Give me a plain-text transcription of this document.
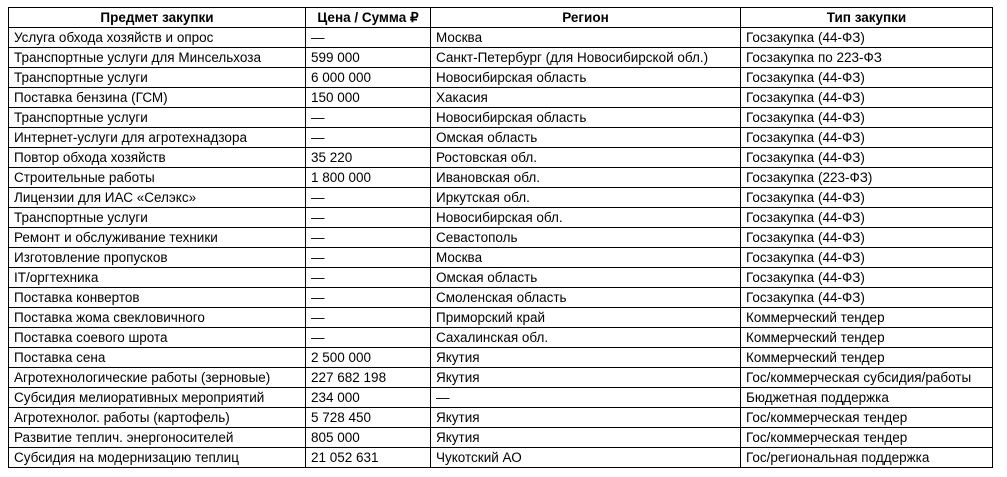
Предмет закупки	Цена / Сумма ₽	Регион	Тип закупки
Услуга обхода хозяйств и опрос	—	Москва	Госзакупка (44-ФЗ)
Транспортные услуги для Минсельхоза	599 000	Санкт-Петербург (для Новосибирской обл.)	Госзакупка по 223-ФЗ
Транспортные услуги	6 000 000	Новосибирская область	Госзакупка (44-ФЗ)
Поставка бензина (ГСМ)	150 000	Хакасия	Госзакупка (44-ФЗ)
Транспортные услуги	—	Новосибирская область	Госзакупка (44-ФЗ)
Интернет-услуги для агротехнадзора	—	Омская область	Госзакупка (44-ФЗ)
Повтор обхода хозяйств	35 220	Ростовская обл.	Госзакупка (44-ФЗ)
Строительные работы	1 800 000	Ивановская обл.	Госзакупка (223-ФЗ)
Лицензии для ИАС «Селэкс»	—	Иркутская обл.	Госзакупка (44-ФЗ)
Транспортные услуги	—	Новосибирская обл.	Госзакупка (44-ФЗ)
Ремонт и обслуживание техники	—	Севастополь	Госзакупка (44-ФЗ)
Изготовление пропусков	—	Москва	Госзакупка (44-ФЗ)
IT/оргтехника	—	Омская область	Госзакупка (44-ФЗ)
Поставка конвертов	—	Смоленская область	Госзакупка (44-ФЗ)
Поставка жома свекловичного	—	Приморский край	Коммерческий тендер
Поставка соевого шрота	—	Сахалинская обл.	Коммерческий тендер
Поставка сена	2 500 000	Якутия	Коммерческий тендер
Агротехнологические работы (зерновые)	227 682 198	Якутия	Гос/коммерческая субсидия/работы
Субсидия мелиоративных мероприятий	234 000	—	Бюджетная поддержка
Агротехнолог. работы (картофель)	5 728 450	Якутия	Гос/коммерческая тендер
Развитие теплич. энергоносителей	805 000	Якутия	Гос/коммерческая тендер
Субсидия на модернизацию теплиц	21 052 631	Чукотский АО	Гос/региональная поддержка
